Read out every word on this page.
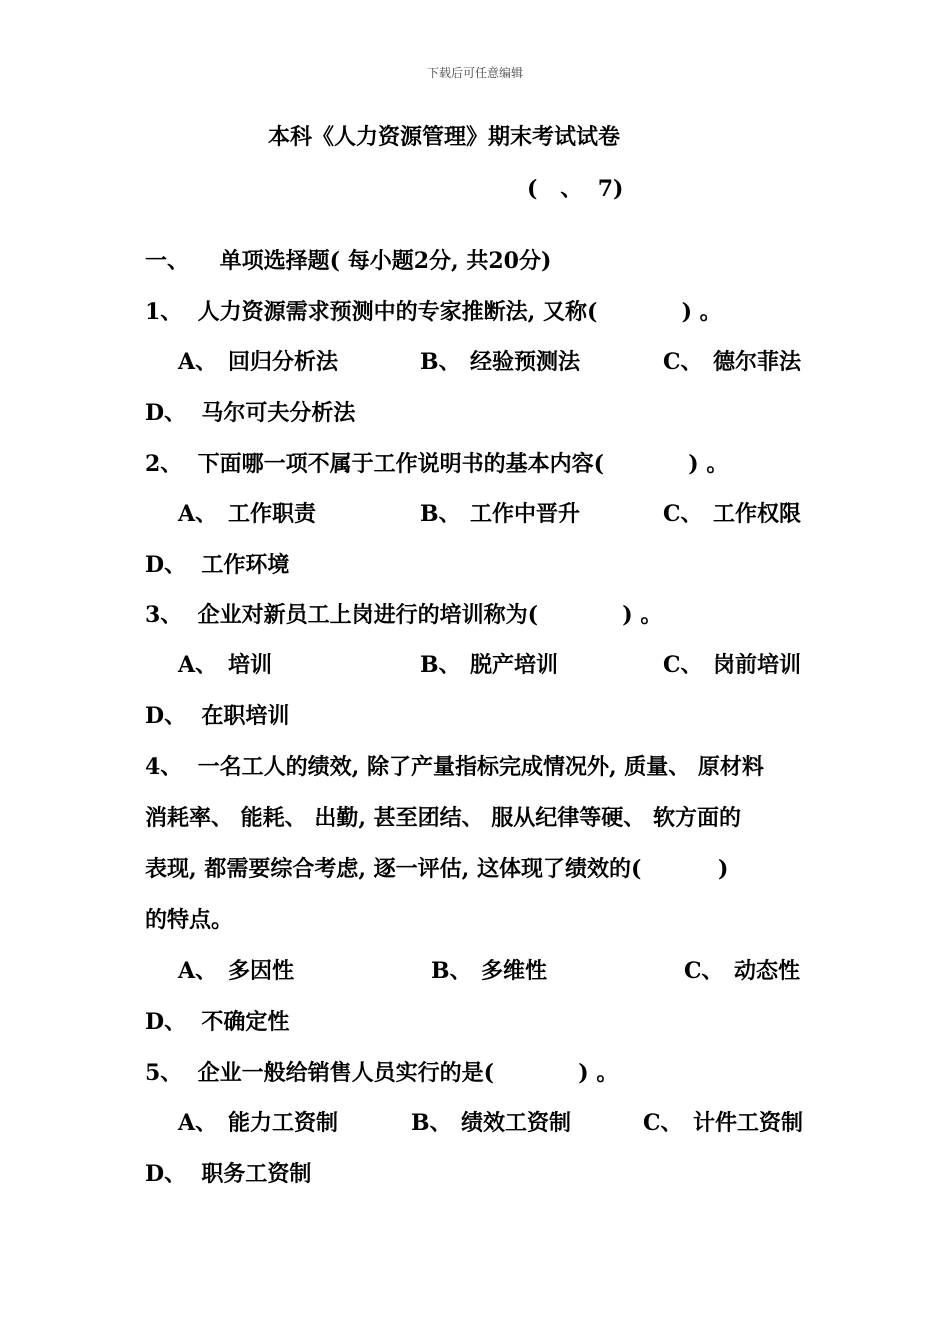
下载后可任意编辑
本科《人力资源管理》期末考试试卷
(   、  7)
一、    单项选择题( 每小题2分, 共20分)
1、  人力资源需求预测中的专家推断法, 又称(           ) 。
A、 回归分析法	B、 经验预测法	C、 德尔菲法
D、  马尔可夫分析法
2、  下面哪一项不属于工作说明书的基本内容(           ) 。
A、 工作职责	B、 工作中晋升	C、 工作权限
D、  工作环境
3、  企业对新员工上岗进行的培训称为(           ) 。
A、 培训	B、 脱产培训	C、 岗前培训
D、  在职培训
4、  一名工人的绩效, 除了产量指标完成情况外, 质量、 原材料
消耗率、 能耗、 出勤, 甚至团结、 服从纪律等硬、 软方面的
表现, 都需要综合考虑, 逐一评估, 这体现了绩效的(          )
的特点。
A、 多因性	B、 多维性	C、 动态性
D、  不确定性
5、  企业一般给销售人员实行的是(           ) 。
A、 能力工资制	B、 绩效工资制	C、 计件工资制
D、  职务工资制
